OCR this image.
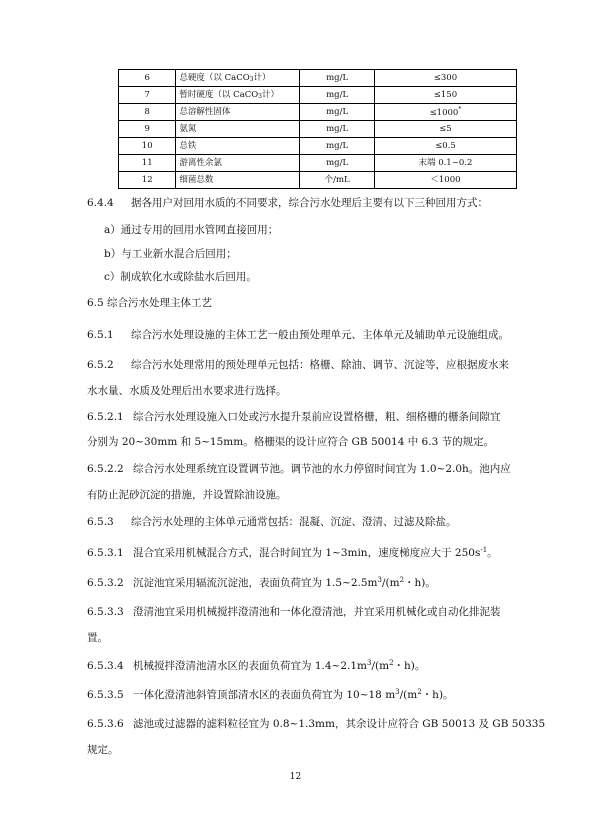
6	总硬度（以 CaCO3计）	mg/L	≤300
7	暂时硬度（以 CaCO3计）	mg/L	≤150
8	总溶解性固体	mg/L	≤1000*
9	氨氮	mg/L	≤5
10	总铁	mg/L	≤0.5
11	游离性余氯	mg/L	末端 0.1~0.2
12	细菌总数	个/mL	＜1000
6.4.4 据各用户对回用水质的不同要求，综合污水处理后主要有以下三种回用方式：
a）通过专用的回用水管网直接回用；
b）与工业新水混合后回用；
c）制成软化水或除盐水后回用。
6.5 综合污水处理主体工艺
6.5.1 综合污水处理设施的主体工艺一般由预处理单元、主体单元及辅助单元设施组成。
6.5.2 综合污水处理常用的预处理单元包括：格栅、除油、调节、沉淀等，应根据废水来
水水量、水质及处理后出水要求进行选择。
6.5.2.1 综合污水处理设施入口处或污水提升泵前应设置格栅，粗、细格栅的栅条间隙宜
分别为 20~30mm 和 5~15mm。格栅渠的设计应符合 GB 50014 中 6.3 节的规定。
6.5.2.2 综合污水处理系统宜设置调节池。调节池的水力停留时间宜为 1.0~2.0h。池内应
有防止泥砂沉淀的措施，并设置除油设施。
6.5.3 综合污水处理的主体单元通常包括：混凝、沉淀、澄清、过滤及除盐。
6.5.3.1 混合宜采用机械混合方式，混合时间宜为 1~3min，速度梯度应大于 $250s^{-1}$。
6.5.3.2 沉淀池宜采用辐流沉淀池，表面负荷宜为 $1.5\sim 2.5m^3/(m^2$・h)。
6.5.3.3 澄清池宜采用机械搅拌澄清池和一体化澄清池，并宜采用机械化或自动化排泥装
置。
6.5.3.4 机械搅拌澄清池清水区的表面负荷宜为 $1.4\sim 2.1m^3/(m^2$・h)。
6.5.3.5 一体化澄清池斜管顶部清水区的表面负荷宜为 10~18 $m^3/(m^2$・h)。
6.5.3.6 滤池或过滤器的滤料粒径宜为 0.8~1.3mm，其余设计应符合 GB 50013 及 GB 50335
规定。
12
